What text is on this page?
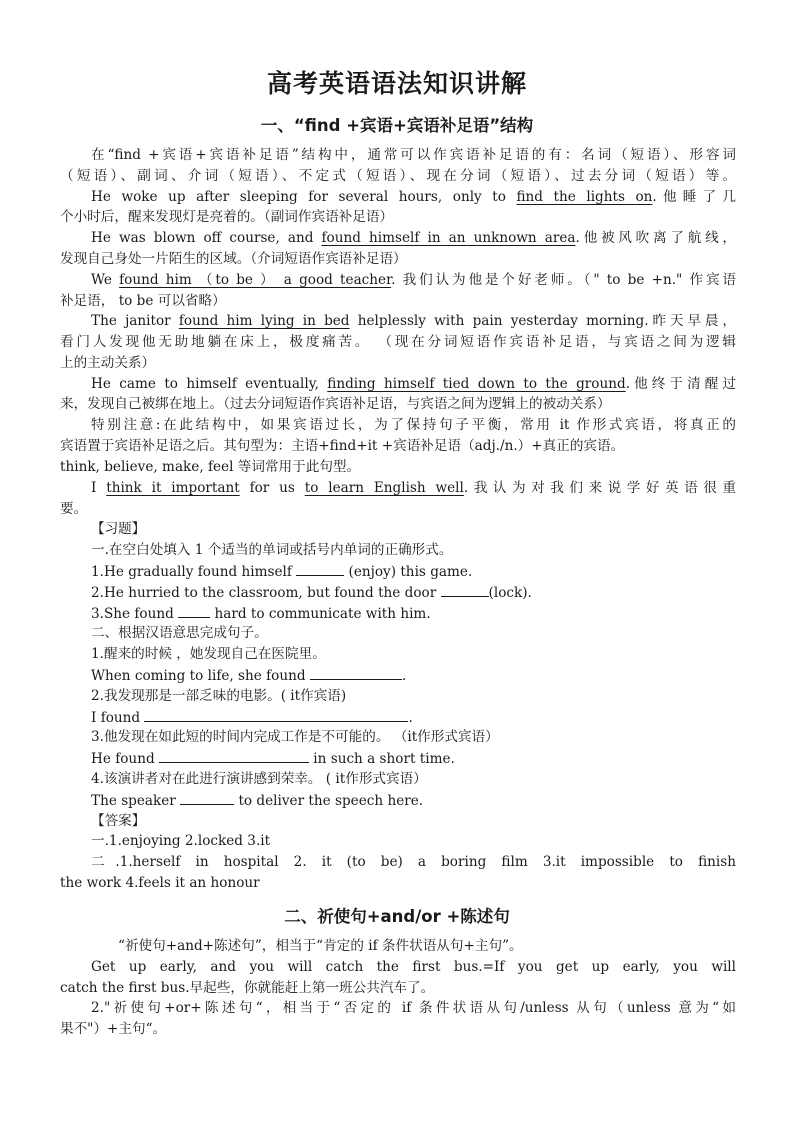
高考英语语法知识讲解
一、“find +宾语+宾语补足语”结构
在“find +宾语+宾语补足语”结构中，通常可以作宾语补足语的有：名词（短语）、形容词
（短语）、副词、介词（短语）、不定式（短语）、现在分词（短语）、过去分词（短语）等。
He woke up after sleeping for several hours, only to find the lights on.他睡了几
个小时后，醒来发现灯是亮着的。（副词作宾语补足语）
He was blown off course, and found himself in an unknown area.他被风吹离了航线，
发现自己身处一片陌生的区域。（介词短语作宾语补足语）
We found him （to be ） a good teacher. 我们认为他是个好老师。（" to be +n." 作宾语
补足语， to be 可以省略）
The janitor found him lying in bed helplessly with pain yesterday morning.昨天早晨，
看门人发现他无助地躺在床上，极度痛苦。 （现在分词短语作宾语补足语，与宾语之间为逻辑
上的主动关系）
He came to himself eventually, finding himself tied down to the ground.他终于清醒过
来，发现自己被绑在地上。（过去分词短语作宾语补足语，与宾语之间为逻辑上的被动关系）
特别注意:在此结构中，如果宾语过长，为了保持句子平衡，常用 it 作形式宾语，将真正的
宾语置于宾语补足语之后。其句型为：主语+find+it +宾语补足语（adj./n.）+真正的宾语。
think, believe, make, feel 等词常用于此句型。
I think it important for us to learn English well.我认为对我们来说学好英语很重
要。
【习题】
一.在空白处填入 1 个适当的单词或括号内单词的正确形式。
1.He gradually found himself	(enjoy) this game.
2.He hurried to the classroom, but found the door	(lock).
3.She found  hard to communicate with him.
二、根据汉语意思完成句子。
1.醒来的时候 ，她发现自己在医院里。
When coming to life, she found	.
2.我发现那是一部乏味的电影。( it作宾语)
I found	.
3.他发现在如此短的时间内完成工作是不可能的。 （it作形式宾语）
He found	in such a short time.
4.该演讲者对在此进行演讲感到荣幸。 ( it作形式宾语）
The speaker	to deliver the speech here.
【答案】
一.1.enjoying 2.locked 3.it
二.1.herself in hospital 2. it (to be) a boring film 3.it impossible to finish
the work 4.feels it an honour
二、祈使句+and/or +陈述句
“祈使句+and+陈述句”，相当于“肯定的 if 条件状语从句+主句”。
Get up early, and you will catch the first bus.=If you get up early, you will
catch the first bus.早起些，你就能赶上第一班公共汽车了。
2."祈使句+or+陈述句“，相当于“否定的 if 条件状语从句/unless 从句（unless 意为“如
果不"）+主句“。
